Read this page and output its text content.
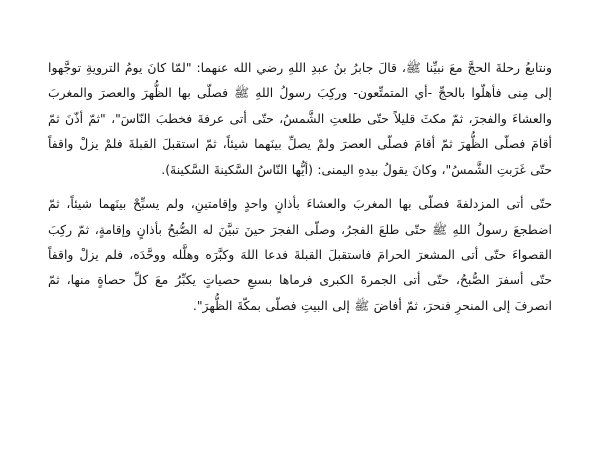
ونتابعُ رحلةَ الحجَّ معَ نبيِّنا ﷺ، قالَ جابرُ بنُ عبدِ اللهِ رضي الله عنهما: "لمّا كانَ يومُ الترويةِ توجَّهوا إلى مِنى فأهلّوا بالحجِّ -أي المتمتِّعون- وركِبَ رسولُ اللهِ ﷺ فصلّى بها الظُّهرَ والعصرَ والمغربَ والعشاءَ والفجرَ، ثمّ مكثَ قليلاً حتّى طلعتِ الشَّمسُ، حتّى أتى عرفةَ فخطبَ النّاسَ"، "ثمّ أذّنَ ثمّ أقامَ فصلّى الظُّهرَ ثمّ أقامَ فصلّى العصرَ ولمْ يصلِّ بينَهما شيئاً، ثمّ استقبلَ القبلةَ فلمْ يزلْ واقفاً حتّى غَرَبتِ الشَّمسُ"، وكانَ يقولُ بيدهِ اليمنى: (أيُّها النّاسُ السَّكينةَ السَّكينةَ).

حتّى أتى المزدلفةَ فصلّى بها المغربَ والعشاءَ بأذانٍ واحدٍ وإقامتينِ، ولم يسبِّحْ بينَهما شيئاً، ثمّ اضطجعَ رسولُ اللهِ ﷺ حتّى طلعَ الفجرُ، وصلّى الفجرَ حينَ تبيَّنَ له الصُّبحُ بأذانٍ وإقامةٍ، ثمّ ركِبَ القصواءَ حتّى أتى المشعرَ الحرامَ فاستقبلَ القبلةَ فدعا اللهَ وكبَّرَه وهلَّله ووحَّدَه، فلم يزلْ واقفاً حتّى أسفرَ الصُّبحُ، حتّى أتى الجمرةَ الكبرى فرماها بسبعِ حصياتٍ يكبِّرُ معَ كلِّ حصاةٍ منها، ثمّ انصرفَ إلى المنحرِ فنحرَ، ثمّ أفاضَ ﷺ إلى البيتِ فصلّى بمكّةَ الظُّهرَ".
